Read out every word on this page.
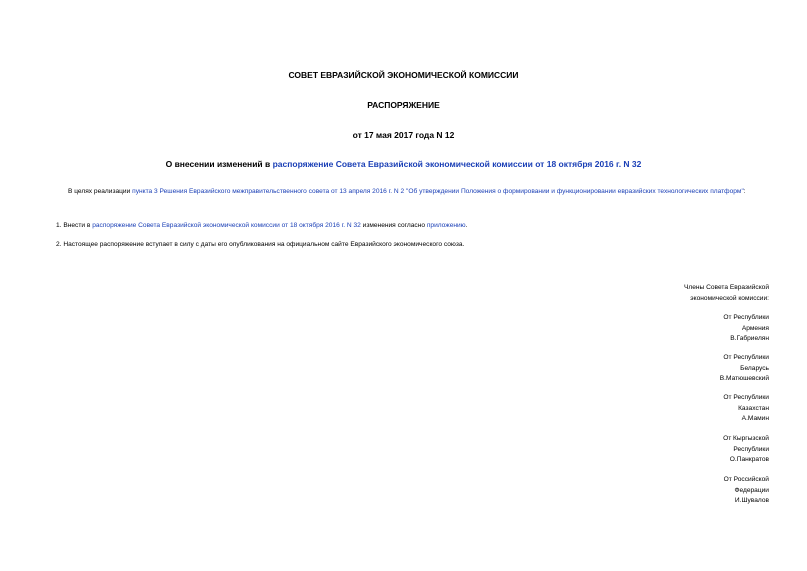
СОВЕТ ЕВРАЗИЙСКОЙ ЭКОНОМИЧЕСКОЙ КОМИССИИ
РАСПОРЯЖЕНИЕ
от 17 мая 2017 года N 12
О внесении изменений в распоряжение Совета Евразийской экономической комиссии от 18 октября 2016 г. N 32
В целях реализации пункта 3 Решения Евразийского межправительственного совета от 13 апреля 2016 г. N 2 "Об утверждении Положения о формировании и функционировании евразийских технологических платформ":
1. Внести в распоряжение Совета Евразийской экономической комиссии от 18 октября 2016 г. N 32 изменения согласно приложению.
2. Настоящее распоряжение вступает в силу с даты его опубликования на официальном сайте Евразийского экономического союза.
Члены Совета Евразийской
экономической комиссии:
От Республики
Армения
В.Габриелян
От Республики
Беларусь
В.Матюшевский
От Республики
Казахстан
А.Мамин
От Кыргызской
Республики
О.Панкратов
От Российской
Федерации
И.Шувалов
